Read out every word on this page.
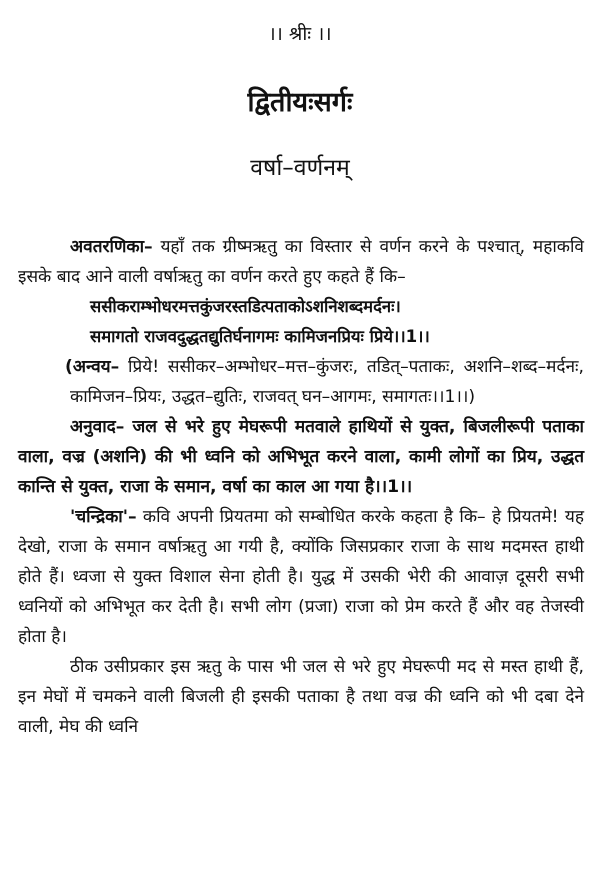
।। श्रीः ।।
द्वितीयःसर्गः
वर्षा–वर्णनम्

अवतरणिका– यहाँ तक ग्रीष्मऋतु का विस्तार से वर्णन करने के पश्चात्, महाकवि इसके बाद आने वाली वर्षाऋतु का वर्णन करते हुए कहते हैं कि–

ससीकराम्भोधरमत्तकुंजरस्तडित्पताकोऽशनिशब्दमर्दनः।

समागतो राजवदुद्धतद्युतिर्घनागमः कामिजनप्रियः प्रिये।।1।।

(अन्वय– प्रिये! ससीकर–अम्भोधर–मत्त–कुंजरः, तडित्–पताकः, अशनि–शब्द–मर्दनः, कामिजन–प्रियः, उद्धत–द्युतिः, राजवत् घन–आगमः, समागतः।।1।।)

अनुवाद– जल से भरे हुए मेघरूपी मतवाले हाथियों से युक्त, बिजलीरूपी पताका वाला, वज्र (अशनि) की भी ध्वनि को अभिभूत करने वाला, कामी लोगों का प्रिय, उद्धत कान्ति से युक्त, राजा के समान, वर्षा का काल आ गया है।।1।।

'चन्द्रिका'– कवि अपनी प्रियतमा को सम्बोधित करके कहता है कि– हे प्रियतमे! यह देखो, राजा के समान वर्षाऋतु आ गयी है, क्योंकि जिसप्रकार राजा के साथ मदमस्त हाथी होते हैं। ध्वजा से युक्त विशाल सेना होती है। युद्ध में उसकी भेरी की आवाज़ दूसरी सभी ध्वनियों को अभिभूत कर देती है। सभी लोग (प्रजा) राजा को प्रेम करते हैं और वह तेजस्वी होता है।

ठीक उसीप्रकार इस ऋतु के पास भी जल से भरे हुए मेघरूपी मद से मस्त हाथी हैं, इन मेघों में चमकने वाली बिजली ही इसकी पताका है तथा वज्र की ध्वनि को भी दबा देने वाली, मेघ की ध्वनि
